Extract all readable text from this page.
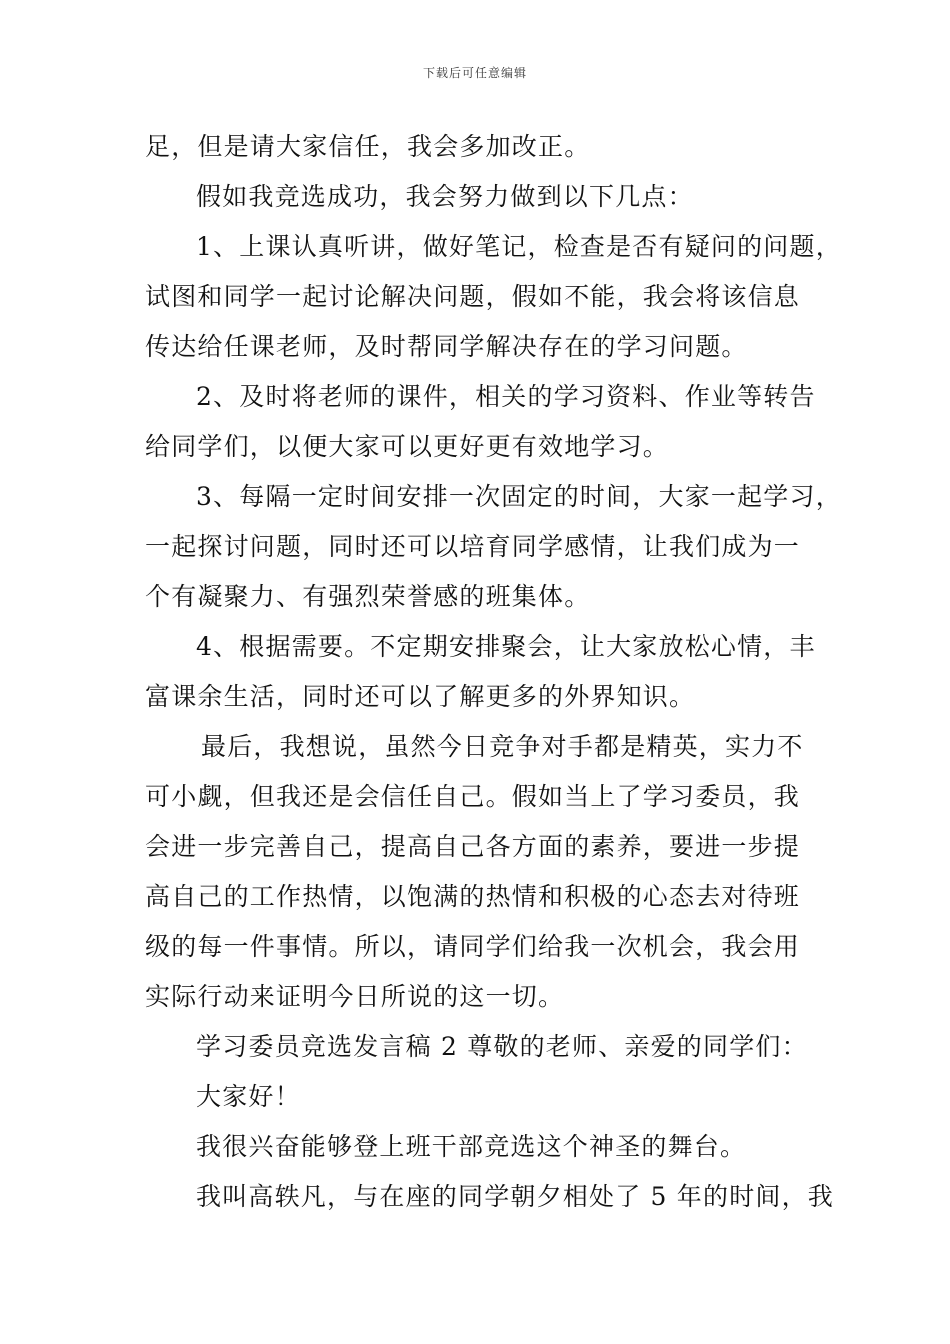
下载后可任意编辑
足，但是请大家信任，我会多加改正。
假如我竞选成功，我会努力做到以下几点：
1、上课认真听讲，做好笔记，检查是否有疑问的问题，
试图和同学一起讨论解决问题，假如不能，我会将该信息
传达给任课老师，及时帮同学解决存在的学习问题。
2、及时将老师的课件，相关的学习资料、作业等转告
给同学们，以便大家可以更好更有效地学习。
3、每隔一定时间安排一次固定的时间，大家一起学习，
一起探讨问题，同时还可以培育同学感情，让我们成为一
个有凝聚力、有强烈荣誉感的班集体。
4、根据需要。不定期安排聚会，让大家放松心情，丰
富课余生活，同时还可以了解更多的外界知识。
最后，我想说，虽然今日竞争对手都是精英，实力不
可小觑，但我还是会信任自己。假如当上了学习委员，我
会进一步完善自己，提高自己各方面的素养，要进一步提
高自己的工作热情，以饱满的热情和积极的心态去对待班
级的每一件事情。所以，请同学们给我一次机会，我会用
实际行动来证明今日所说的这一切。
学习委员竞选发言稿 2 尊敬的老师、亲爱的同学们：
大家好！
我很兴奋能够登上班干部竞选这个神圣的舞台。
我叫高轶凡，与在座的同学朝夕相处了 5 年的时间，我
